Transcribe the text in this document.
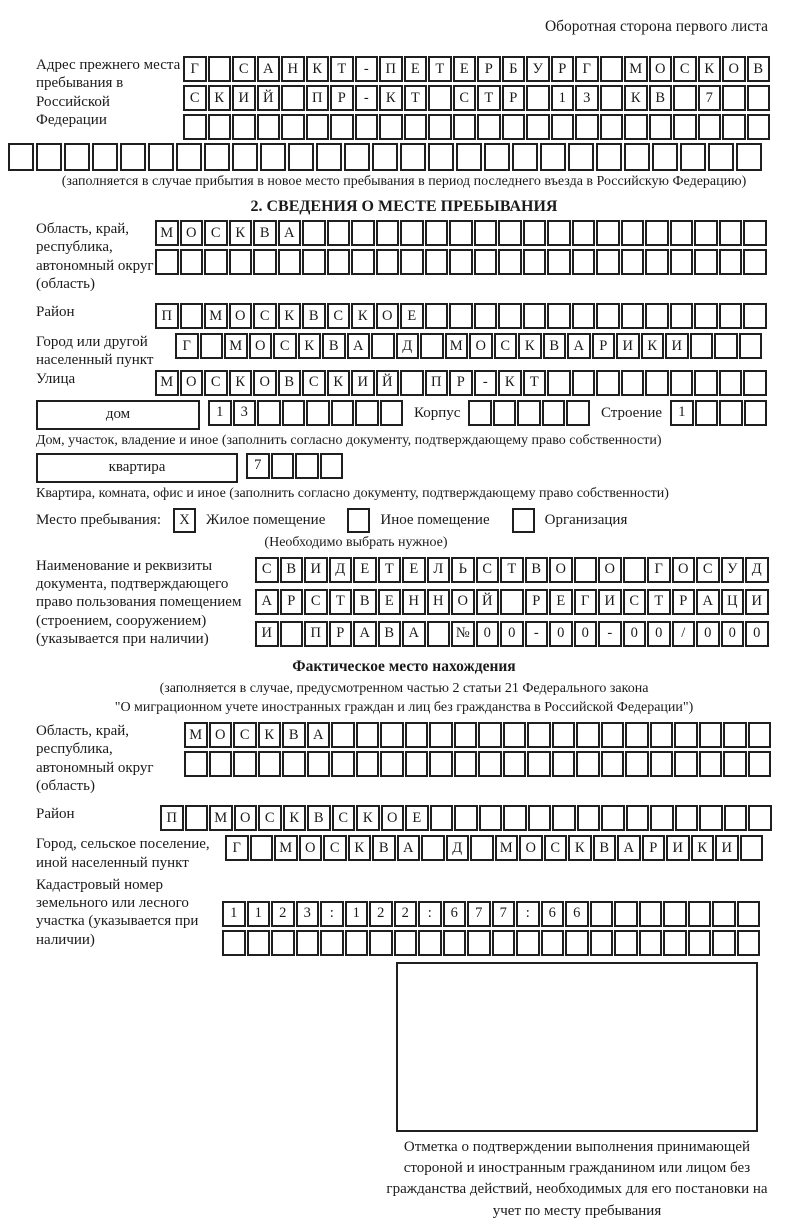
Оборотная сторона первого листа
Адрес прежнего места пребывания в Российской Федерации
Г	С А Н К	Т	-	П	Е	Т	Е	Р	Б	У	Р	Г	М О С	К О В
С	К И Й	П	Р	-	К	Т	С	Т	Р	1	3	К	В	7
(заполняется в случае прибытия в новое место пребывания в период последнего въезда в Российскую Федерацию)
2. СВЕДЕНИЯ О МЕСТЕ ПРЕБЫВАНИЯ
Область, край, республика, автономный округ (область)
М О С	К	В А
Район	П	М О С	К	В	С	К О	Е
Город или другой населенный пункт
Г	М О С	К	В А	Д	М О С	К	В А	Р	И К И
Улица	М О С	К О В	С	К И Й	П	Р	-	К	Т
дом	1	3	Корпус	Строение	1
Дом, участок, владение и иное (заполнить согласно документу, подтверждающему право собственности)
квартира	7
Квартира, комната, офис и иное (заполнить согласно документу, подтверждающему право собственности)
Место пребывания:	X	Жилое помещение	Иное помещение	Организация
(Необходимо выбрать нужное)
Наименование и реквизиты документа, подтверждающего право пользования помещением (строением, сооружением) (указывается при наличии)
С	В И Д	Е	Т	Е	Л	Ь	С	Т	В О	О	Г	О С	У Д
А	Р	С	Т	В	Е	Н Н О Й	Р	Е	Г	И С	Т	Р	А Ц И
И	П	Р	А В А	№ 0	0	-	0	0	-	0	0	/	0	0	0
Фактическое место нахождения
(заполняется в случае, предусмотренном частью 2 статьи 21 Федерального закона
"О миграционном учете иностранных граждан и лиц без гражданства в Российской Федерации")
Область, край, республика, автономный округ (область)
М О С	К	В А
Район	П	М О С	К	В	С	К О	Е
Город, сельское поселение, иной населенный пункт
Г	М О С	К	В А	Д	М О С	К	В А	Р	И К И
Кадастровый номер земельного или лесного участка (указывается при наличии)
1	1	2	3	:	1	2	2	:	6	7	7	:	6	6
Отметка о подтверждении выполнения принимающей стороной и иностранным гражданином или лицом без гражданства действий, необходимых для его постановки на учет по месту пребывания
